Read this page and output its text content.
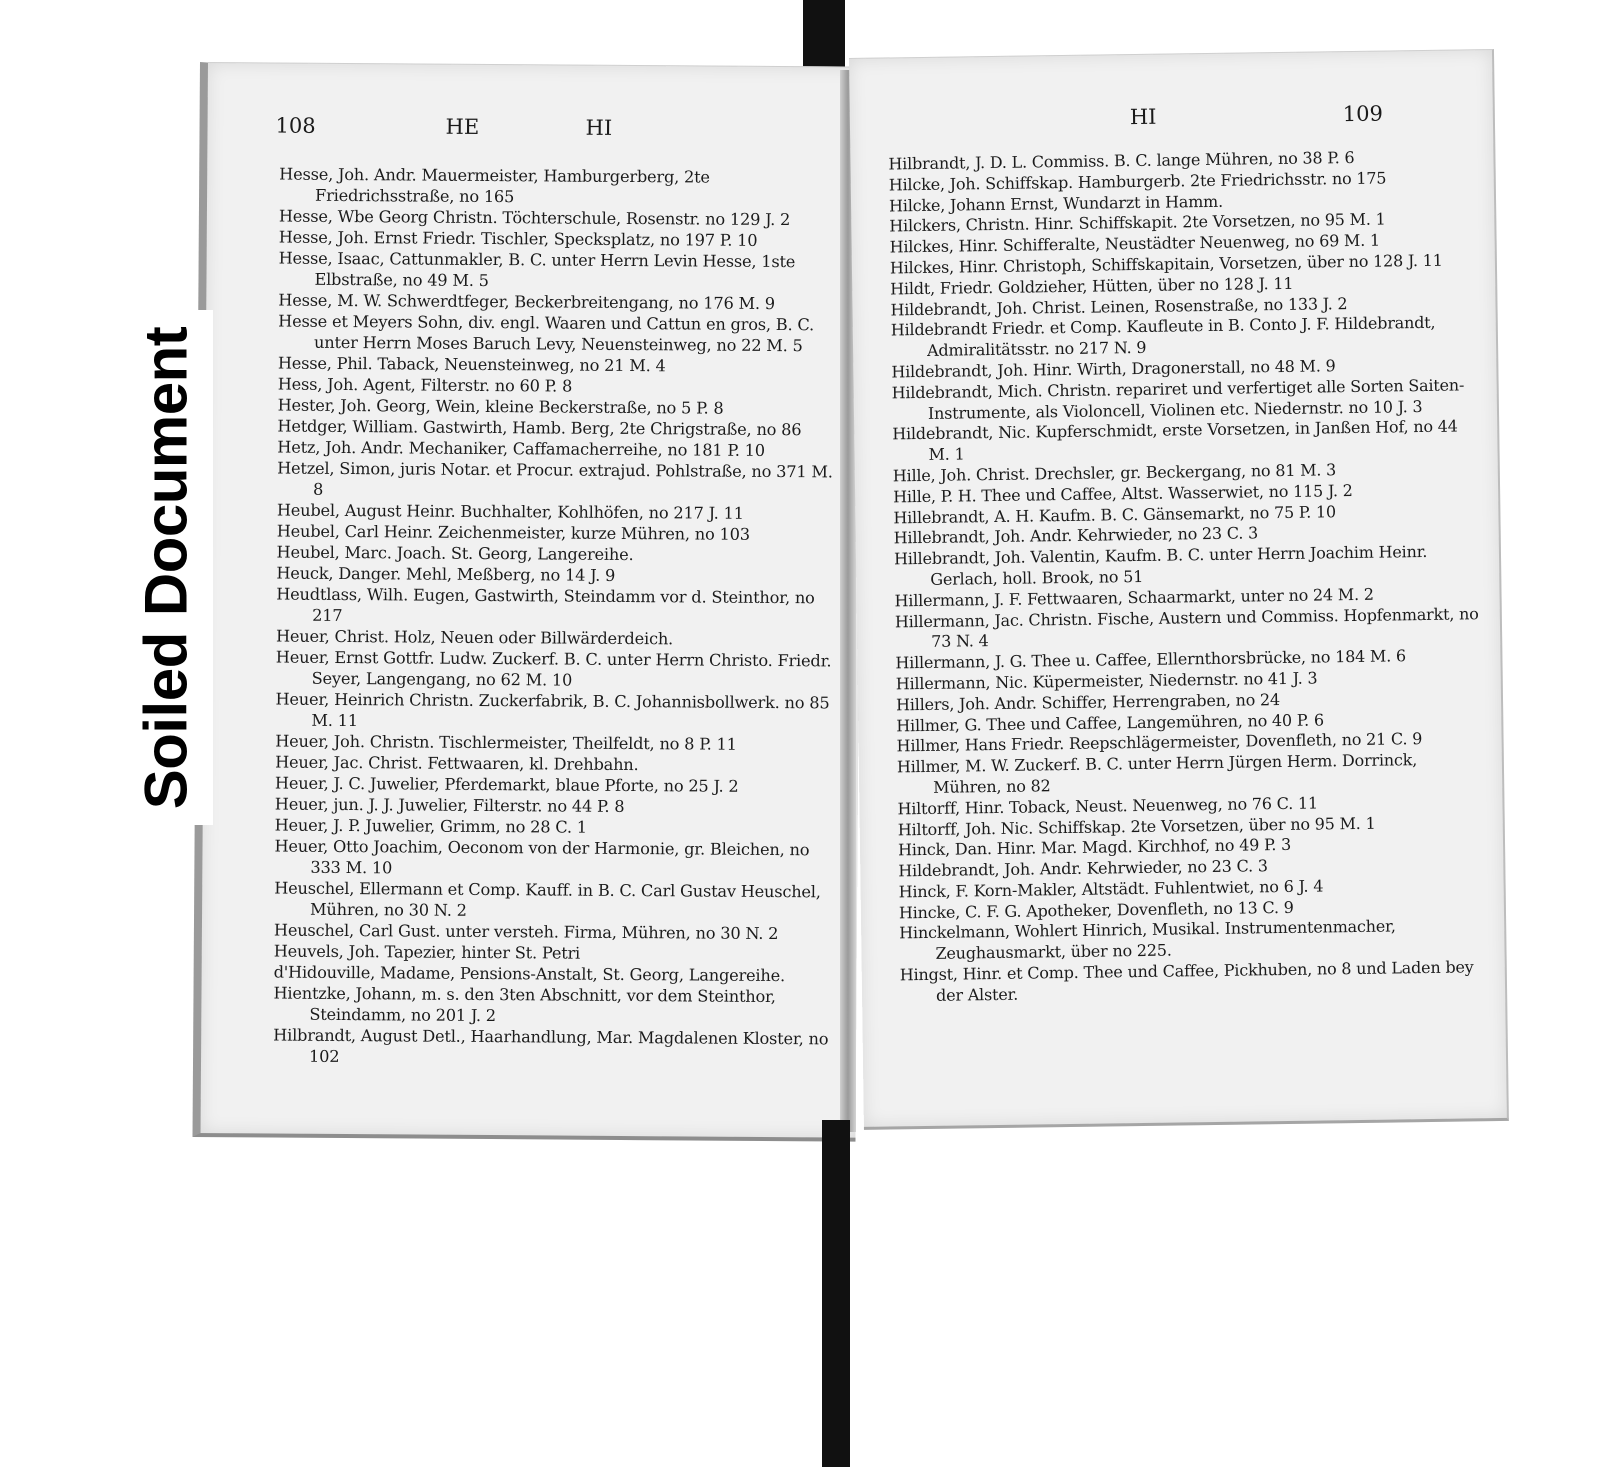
108	HE	HI
Hesse, Joh. Andr. Mauermeister, Hamburgerberg, 2te Friedrichsstraße, no 165
Hesse, Wbe Georg Christn. Töchterschule, Rosenstr. no 129 J. 2
Hesse, Joh. Ernst Friedr. Tischler, Specksplatz, no 197 P. 10
Hesse, Isaac, Cattunmakler, B. C. unter Herrn Levin Hesse, 1ste Elbstraße, no 49 M. 5
Hesse, M. W. Schwerdtfeger, Beckerbreitengang, no 176 M. 9
Hesse et Meyers Sohn, div. engl. Waaren und Cattun en gros, B. C. unter Herrn Moses Baruch Levy, Neuensteinweg, no 22 M. 5
Hesse, Phil. Taback, Neuensteinweg, no 21 M. 4
Hess, Joh. Agent, Filterstr. no 60 P. 8
Hester, Joh. Georg, Wein, kleine Beckerstraße, no 5 P. 8
Hetdger, William. Gastwirth, Hamb. Berg, 2te Chrigstraße, no 86
Hetz, Joh. Andr. Mechaniker, Caffamacherreihe, no 181 P. 10
Hetzel, Simon, juris Notar. et Procur. extrajud. Pohlstraße, no 371 M. 8
Heubel, August Heinr. Buchhalter, Kohlhöfen, no 217 J. 11
Heubel, Carl Heinr. Zeichenmeister, kurze Mühren, no 103
Heubel, Marc. Joach. St. Georg, Langereihe.
Heuck, Danger. Mehl, Meßberg, no 14 J. 9
Heudtlass, Wilh. Eugen, Gastwirth, Steindamm vor d. Steinthor, no 217
Heuer, Christ. Holz, Neuen oder Billwärderdeich.
Heuer, Ernst Gottfr. Ludw. Zuckerf. B. C. unter Herrn Christo. Friedr. Seyer, Langengang, no 62 M. 10
Heuer, Heinrich Christn. Zuckerfabrik, B. C. Johannisbollwerk. no 85 M. 11
Heuer, Joh. Christn. Tischlermeister, Theilfeldt, no 8 P. 11
Heuer, Jac. Christ. Fettwaaren, kl. Drehbahn.
Heuer, J. C. Juwelier, Pferdemarkt, blaue Pforte, no 25 J. 2
Heuer, jun. J. J. Juwelier, Filterstr. no 44 P. 8
Heuer, J. P. Juwelier, Grimm, no 28 C. 1
Heuer, Otto Joachim, Oeconom von der Harmonie, gr. Bleichen, no 333 M. 10
Heuschel, Ellermann et Comp. Kauff. in B. C. Carl Gustav Heuschel, Mühren, no 30 N. 2
Heuschel, Carl Gust. unter versteh. Firma, Mühren, no 30 N. 2
Heuvels, Joh. Tapezier, hinter St. Petri
d'Hidouville, Madame, Pensions-Anstalt, St. Georg, Langereihe.
Hientzke, Johann, m. s. den 3ten Abschnitt, vor dem Steinthor, Steindamm, no 201 J. 2
Hilbrandt, August Detl., Haarhandlung, Mar. Magdalenen Kloster, no 102
HI	109
Hilbrandt, J. D. L. Commiss. B. C. lange Mühren, no 38 P. 6
Hilcke, Joh. Schiffskap. Hamburgerb. 2te Friedrichsstr. no 175
Hilcke, Johann Ernst, Wundarzt in Hamm.
Hilckers, Christn. Hinr. Schiffskapit. 2te Vorsetzen, no 95 M. 1
Hilckes, Hinr. Schifferalte, Neustädter Neuenweg, no 69 M. 1
Hilckes, Hinr. Christoph, Schiffskapitain, Vorsetzen, über no 128 J. 11
Hildt, Friedr. Goldzieher, Hütten, über no 128 J. 11
Hildebrandt, Joh. Christ. Leinen, Rosenstraße, no 133 J. 2
Hildebrandt Friedr. et Comp. Kaufleute in B. Conto J. F. Hildebrandt, Admiralitätsstr. no 217 N. 9
Hildebrandt, Joh. Hinr. Wirth, Dragonerstall, no 48 M. 9
Hildebrandt, Mich. Christn. repariret und verfertiget alle Sorten Saiten-Instrumente, als Violoncell, Violinen etc. Niedernstr. no 10 J. 3
Hildebrandt, Nic. Kupferschmidt, erste Vorsetzen, in Janßen Hof, no 44 M. 1
Hille, Joh. Christ. Drechsler, gr. Beckergang, no 81 M. 3
Hille, P. H. Thee und Caffee, Altst. Wasserwiet, no 115 J. 2
Hillebrandt, A. H. Kaufm. B. C. Gänsemarkt, no 75 P. 10
Hillebrandt, Joh. Andr. Kehrwieder, no 23 C. 3
Hillebrandt, Joh. Valentin, Kaufm. B. C. unter Herrn Joachim Heinr. Gerlach, holl. Brook, no 51
Hillermann, J. F. Fettwaaren, Schaarmarkt, unter no 24 M. 2
Hillermann, Jac. Christn. Fische, Austern und Commiss. Hopfenmarkt, no 73 N. 4
Hillermann, J. G. Thee u. Caffee, Ellernthorsbrücke, no 184 M. 6
Hillermann, Nic. Küpermeister, Niedernstr. no 41 J. 3
Hillers, Joh. Andr. Schiffer, Herrengraben, no 24
Hillmer, G. Thee und Caffee, Langemühren, no 40 P. 6
Hillmer, Hans Friedr. Reepschlägermeister, Dovenfleth, no 21 C. 9
Hillmer, M. W. Zuckerf. B. C. unter Herrn Jürgen Herm. Dorrinck, Mühren, no 82
Hiltorff, Hinr. Toback, Neust. Neuenweg, no 76 C. 11
Hiltorff, Joh. Nic. Schiffskap. 2te Vorsetzen, über no 95 M. 1
Hinck, Dan. Hinr. Mar. Magd. Kirchhof, no 49 P. 3
Hildebrandt, Joh. Andr. Kehrwieder, no 23 C. 3
Hinck, F. Korn-Makler, Altstädt. Fuhlentwiet, no 6 J. 4
Hincke, C. F. G. Apotheker, Dovenfleth, no 13 C. 9
Hinckelmann, Wohlert Hinrich, Musikal. Instrumentenmacher, Zeughausmarkt, über no 225.
Hingst, Hinr. et Comp. Thee und Caffee, Pickhuben, no 8 und Laden bey der Alster.
Soiled Document
